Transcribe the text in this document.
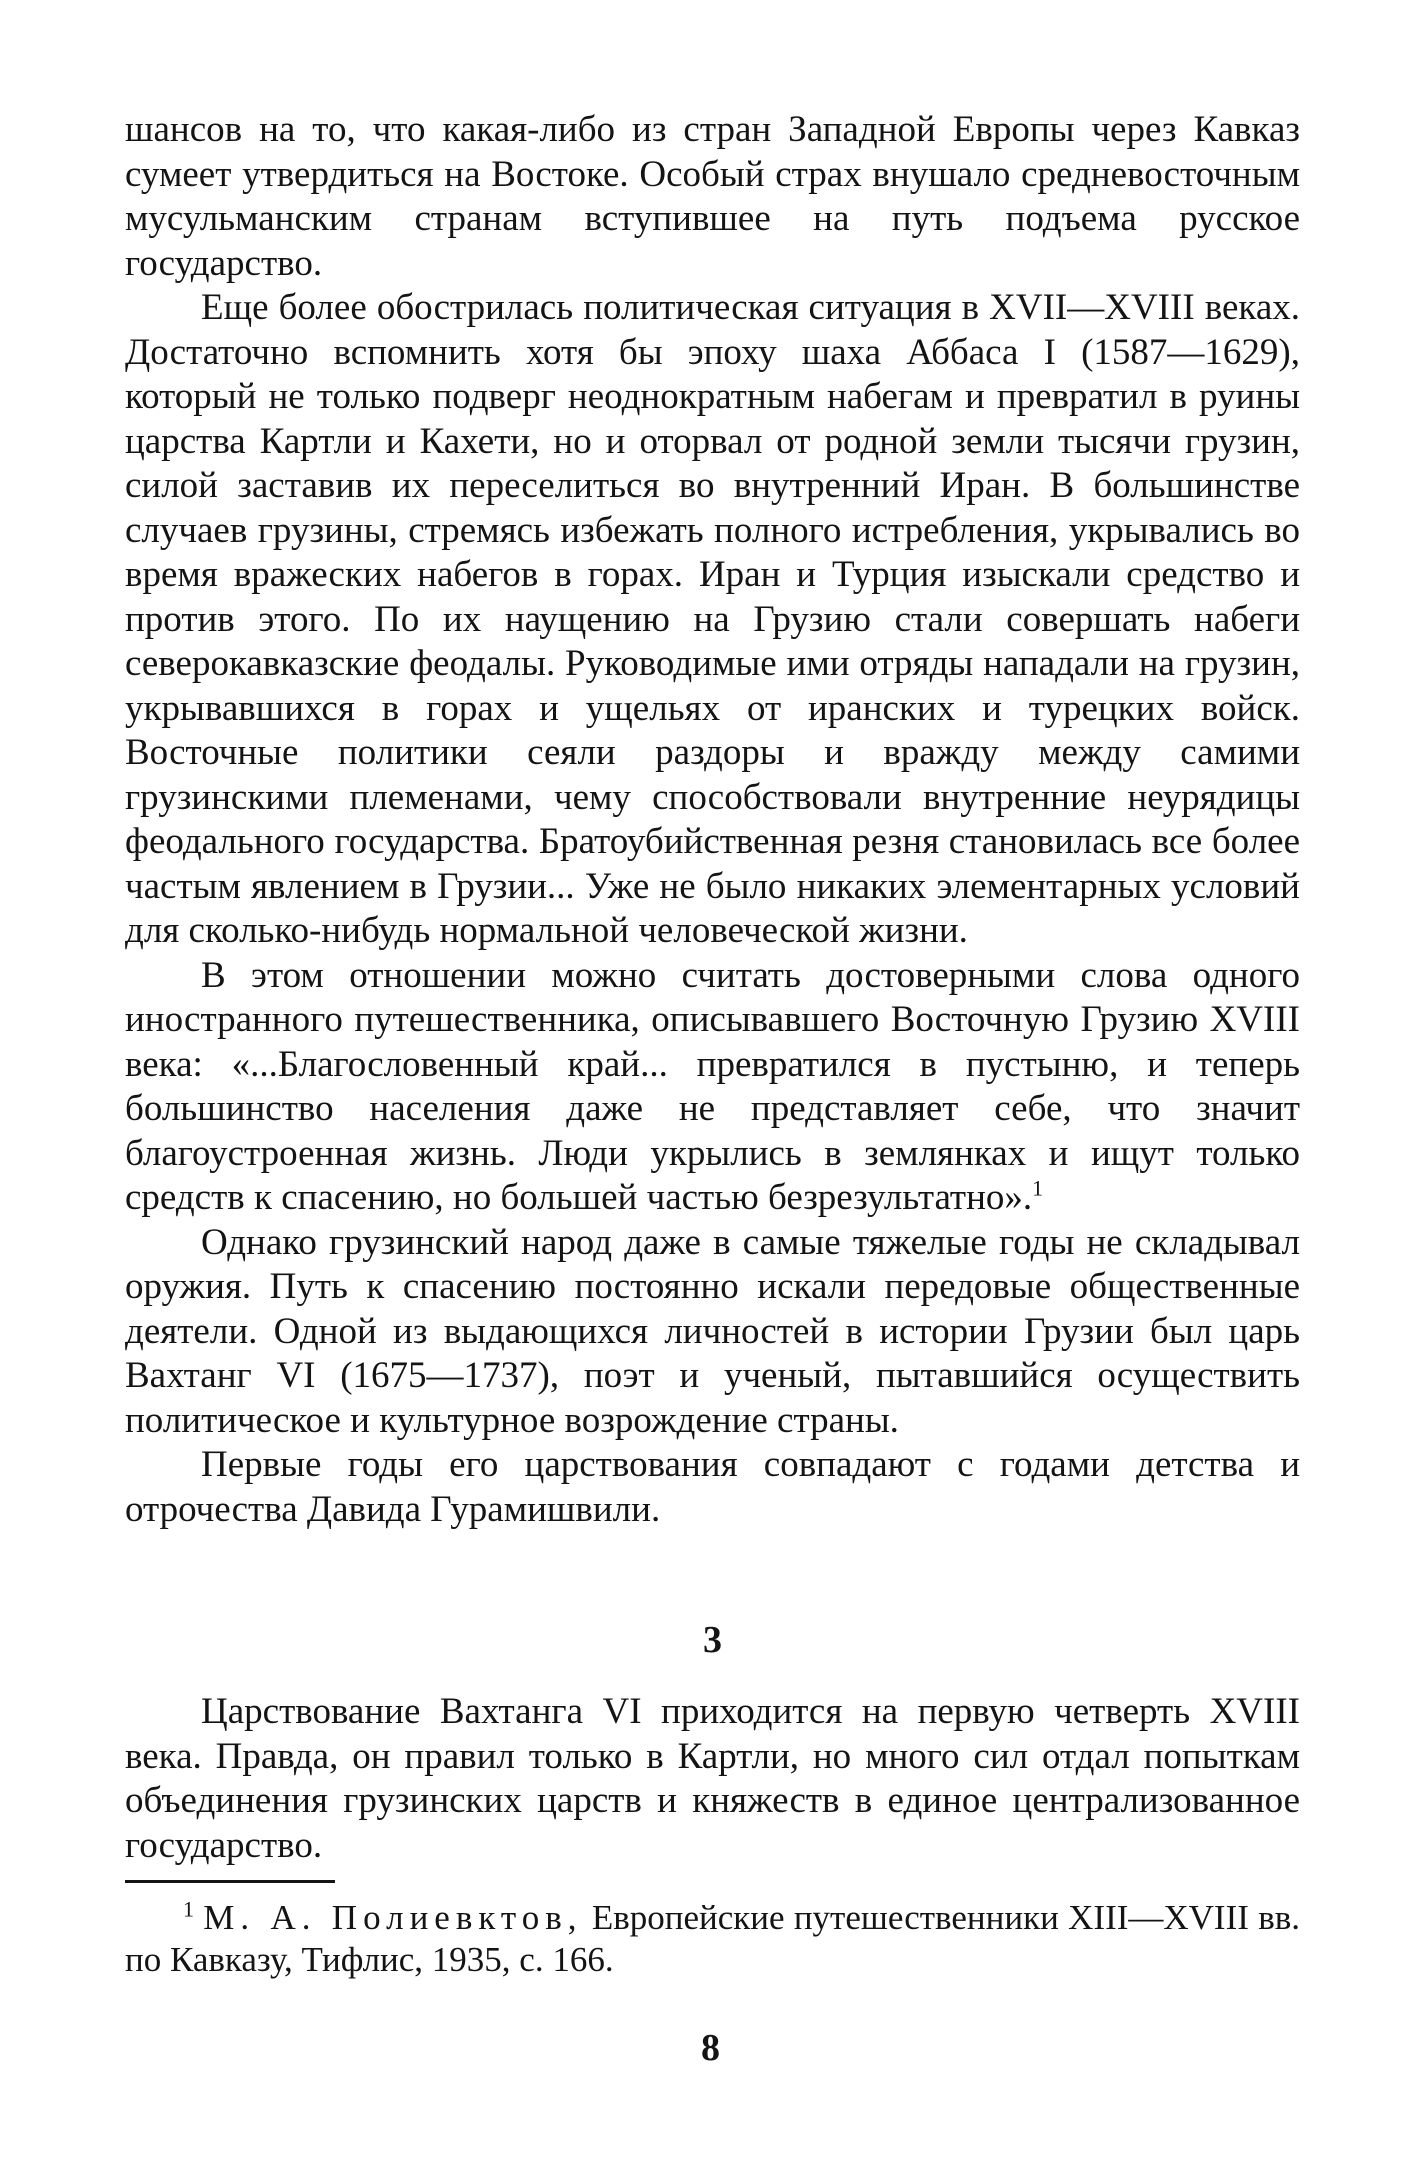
шансов на то, что какая-либо из стран Западной Европы через Кавказ сумеет утвердиться на Востоке. Особый страх внушало средневосточным мусульманским странам вступившее на путь подъема русское государство.

Еще более обострилась политическая ситуация в XVII—XVIII веках. Достаточно вспомнить хотя бы эпоху шаха Аббаса I (1587—1629), который не только подверг неоднократным набегам и превратил в руины царства Картли и Кахети, но и оторвал от родной земли тысячи грузин, силой заставив их переселиться во внутренний Иран. В большинстве случаев грузины, стремясь избежать полного истребления, укрывались во время вражеских набегов в горах. Иран и Турция изыскали средство и против этого. По их наущению на Грузию стали совершать набеги северокавказские феодалы. Руководимые ими отряды нападали на грузин, укрывавшихся в горах и ущельях от иранских и турецких войск. Восточные политики сеяли раздоры и вражду между самими грузинскими племенами, чему способствовали внутренние неурядицы феодального государства. Братоубийственная резня становилась все более частым явлением в Грузии... Уже не было никаких элементарных условий для сколько-нибудь нормальной человеческой жизни.

В этом отношении можно считать достоверными слова одного иностранного путешественника, описывавшего Восточную Грузию XVIII века: «...Благословенный край... превратился в пустыню, и теперь большинство населения даже не представляет себе, что значит благоустроенная жизнь. Люди укрылись в землянках и ищут только средств к спасению, но большей частью безрезультатно».$^1$

Однако грузинский народ даже в самые тяжелые годы не складывал оружия. Путь к спасению постоянно искали передовые общественные деятели. Одной из выдающихся личностей в истории Грузии был царь Вахтанг VI (1675—1737), поэт и ученый, пытавшийся осуществить политическое и культурное возрождение страны.

Первые годы его царствования совпадают с годами детства и отрочества Давида Гурамишвили.

3

Царствование Вахтанга VI приходится на первую четверть XVIII века. Правда, он правил только в Картли, но много сил отдал попыткам объединения грузинских царств и княжеств в единое централизованное государство.

$^1$ М. А. Полиевктов, Европейские путешественники XIII—XVIII вв. по Кавказу, Тифлис, 1935, с. 166.

8
